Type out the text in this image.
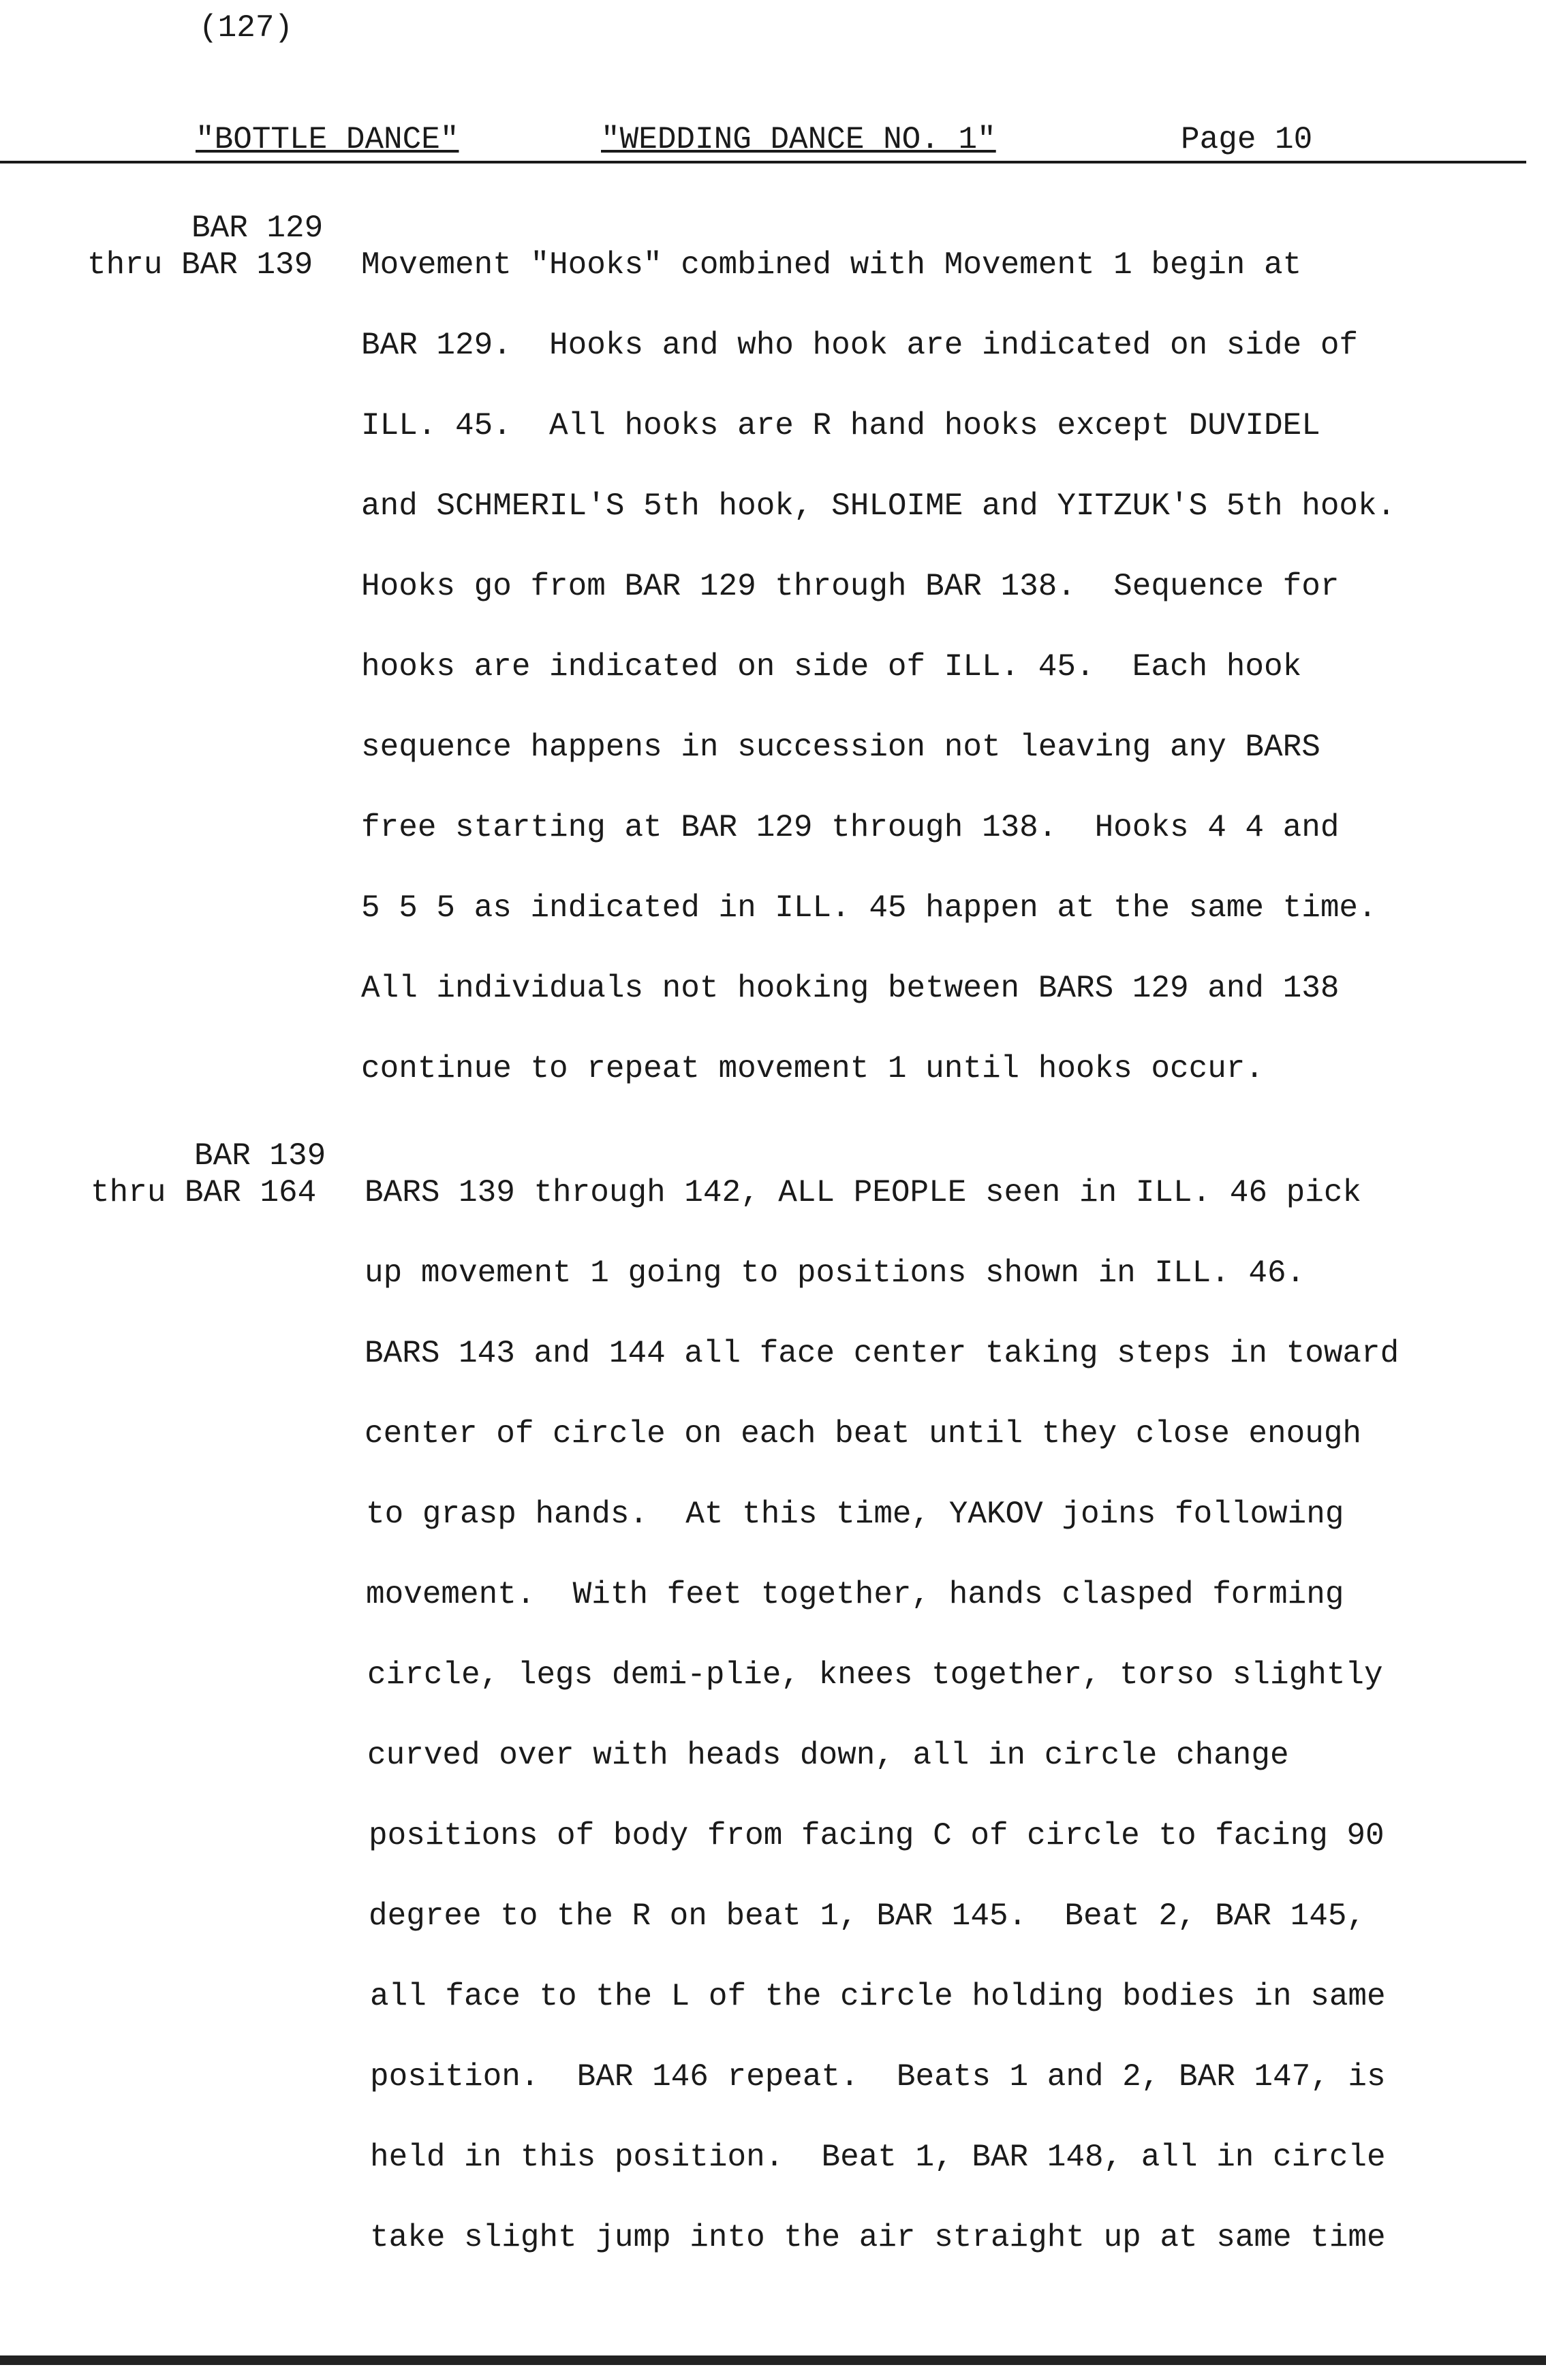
(127)
"BOTTLE DANCE"	"WEDDING DANCE NO. 1"	Page 10
BAR 129
thru BAR 139 Movement "Hooks" combined with Movement 1 begin at
BAR 129.  Hooks and who hook are indicated on side of
ILL. 45.  All hooks are R hand hooks except DUVIDEL
and SCHMERIL'S 5th hook, SHLOIME and YITZUK'S 5th hook.
Hooks go from BAR 129 through BAR 138.  Sequence for
hooks are indicated on side of ILL. 45.  Each hook
sequence happens in succession not leaving any BARS
free starting at BAR 129 through 138.  Hooks 4 4 and
5 5 5 as indicated in ILL. 45 happen at the same time.
All individuals not hooking between BARS 129 and 138
continue to repeat movement 1 until hooks occur.
BAR 139
thru BAR 164 BARS 139 through 142, ALL PEOPLE seen in ILL. 46 pick
up movement 1 going to positions shown in ILL. 46.
BARS 143 and 144 all face center taking steps in toward
center of circle on each beat until they close enough
to grasp hands.  At this time, YAKOV joins following
movement.  With feet together, hands clasped forming
circle, legs demi-plie, knees together, torso slightly
curved over with heads down, all in circle change
positions of body from facing C of circle to facing 90
degree to the R on beat 1, BAR 145.  Beat 2, BAR 145,
all face to the L of the circle holding bodies in same
position.  BAR 146 repeat.  Beats 1 and 2, BAR 147, is
held in this position.  Beat 1, BAR 148, all in circle
take slight jump into the air straight up at same time
